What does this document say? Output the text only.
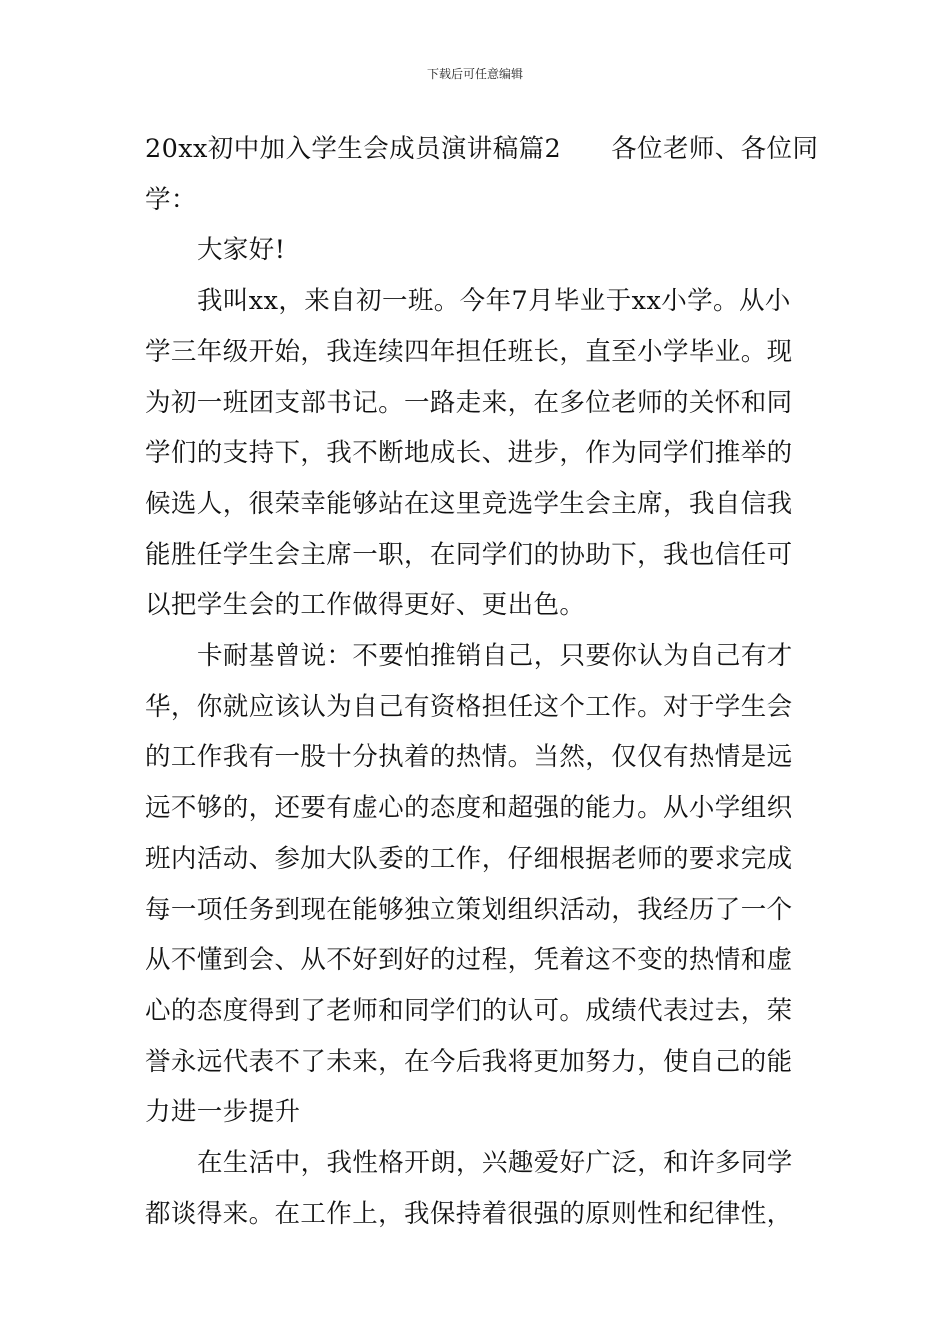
下载后可任意编辑
20xx初中加入学生会成员演讲稿篇2 各位老师、各位同
学：
大家好!
我叫xx，来自初一班。今年7月毕业于xx小学。从小
学三年级开始，我连续四年担任班长，直至小学毕业。现
为初一班团支部书记。一路走来，在多位老师的关怀和同
学们的支持下，我不断地成长、进步，作为同学们推举的
候选人，很荣幸能够站在这里竞选学生会主席，我自信我
能胜任学生会主席一职，在同学们的协助下，我也信任可
以把学生会的工作做得更好、更出色。
卡耐基曾说：不要怕推销自己，只要你认为自己有才
华，你就应该认为自己有资格担任这个工作。对于学生会
的工作我有一股十分执着的热情。当然，仅仅有热情是远
远不够的，还要有虚心的态度和超强的能力。从小学组织
班内活动、参加大队委的工作，仔细根据老师的要求完成
每一项任务到现在能够独立策划组织活动，我经历了一个
从不懂到会、从不好到好的过程，凭着这不变的热情和虚
心的态度得到了老师和同学们的认可。成绩代表过去，荣
誉永远代表不了未来，在今后我将更加努力，使自己的能
力进一步提升
在生活中，我性格开朗，兴趣爱好广泛，和许多同学
都谈得来。在工作上，我保持着很强的原则性和纪律性，
